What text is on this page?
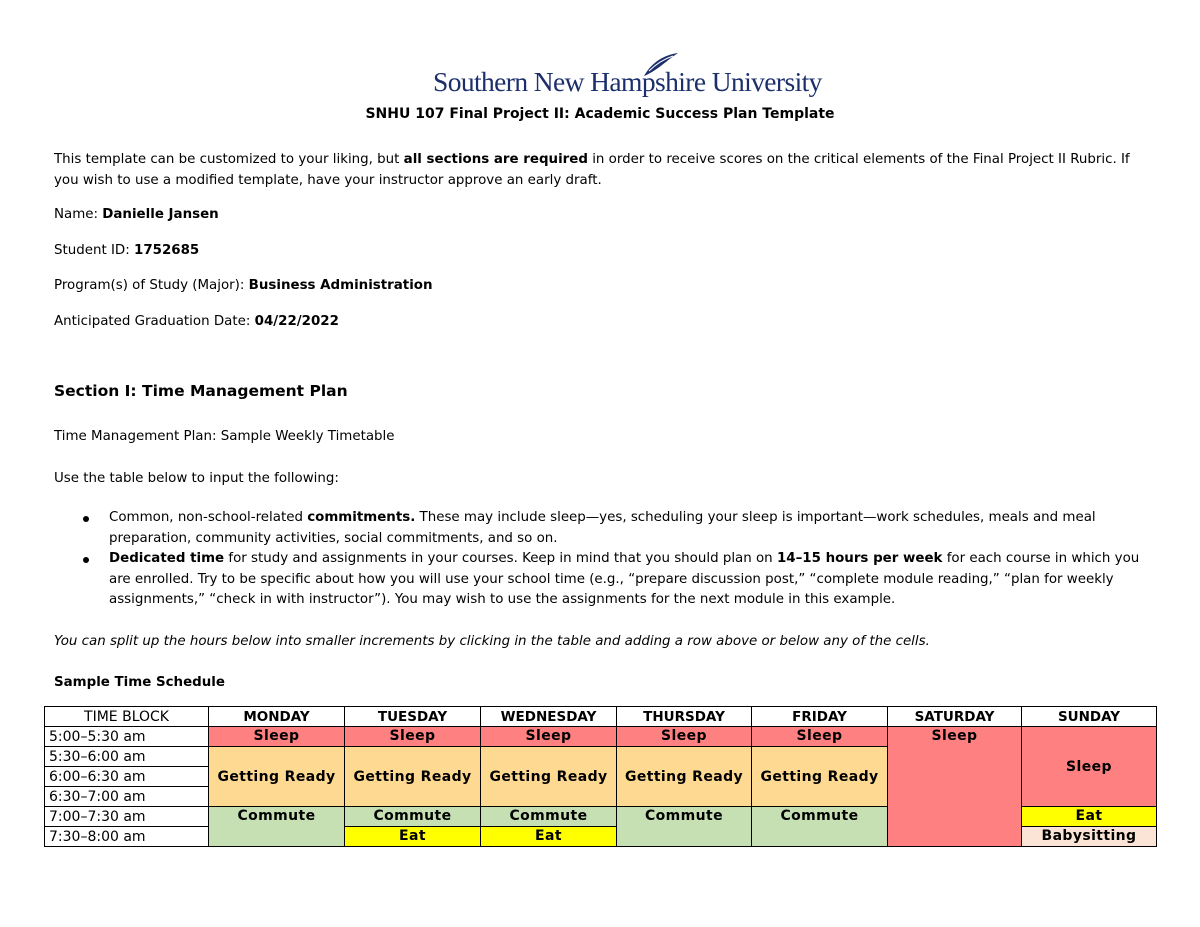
Southern New Hampshire University
SNHU 107 Final Project II: Academic Success Plan Template
This template can be customized to your liking, but all sections are required in order to receive scores on the critical elements of the Final Project II Rubric. If you wish to use a modified template, have your instructor approve an early draft.
Name: Danielle Jansen
Student ID: 1752685
Program(s) of Study (Major): Business Administration
Anticipated Graduation Date: 04/22/2022
Section I: Time Management Plan
Time Management Plan: Sample Weekly Timetable
Use the table below to input the following:
Common, non-school-related commitments. These may include sleep—yes, scheduling your sleep is important—work schedules, meals and meal preparation, community activities, social commitments, and so on.
Dedicated time for study and assignments in your courses. Keep in mind that you should plan on 14–15 hours per week for each course in which you are enrolled. Try to be specific about how you will use your school time (e.g., “prepare discussion post,” “complete module reading,” “plan for weekly assignments,” “check in with instructor”). You may wish to use the assignments for the next module in this example.
You can split up the hours below into smaller increments by clicking in the table and adding a row above or below any of the cells.
Sample Time Schedule
TIME BLOCK	MONDAY	TUESDAY	WEDNESDAY	THURSDAY	FRIDAY	SATURDAY	SUNDAY
5:00–5:30 am	Sleep	Sleep	Sleep	Sleep	Sleep	Sleep	Sleep
5:30–6:00 am	Getting Ready	Getting Ready	Getting Ready	Getting Ready	Getting Ready		
6:00–6:30 am							
6:30–7:00 am							
7:00–7:30 am	Commute	Commute	Commute	Commute	Commute		Eat
7:30–8:00 am		Eat	Eat				Babysitting
